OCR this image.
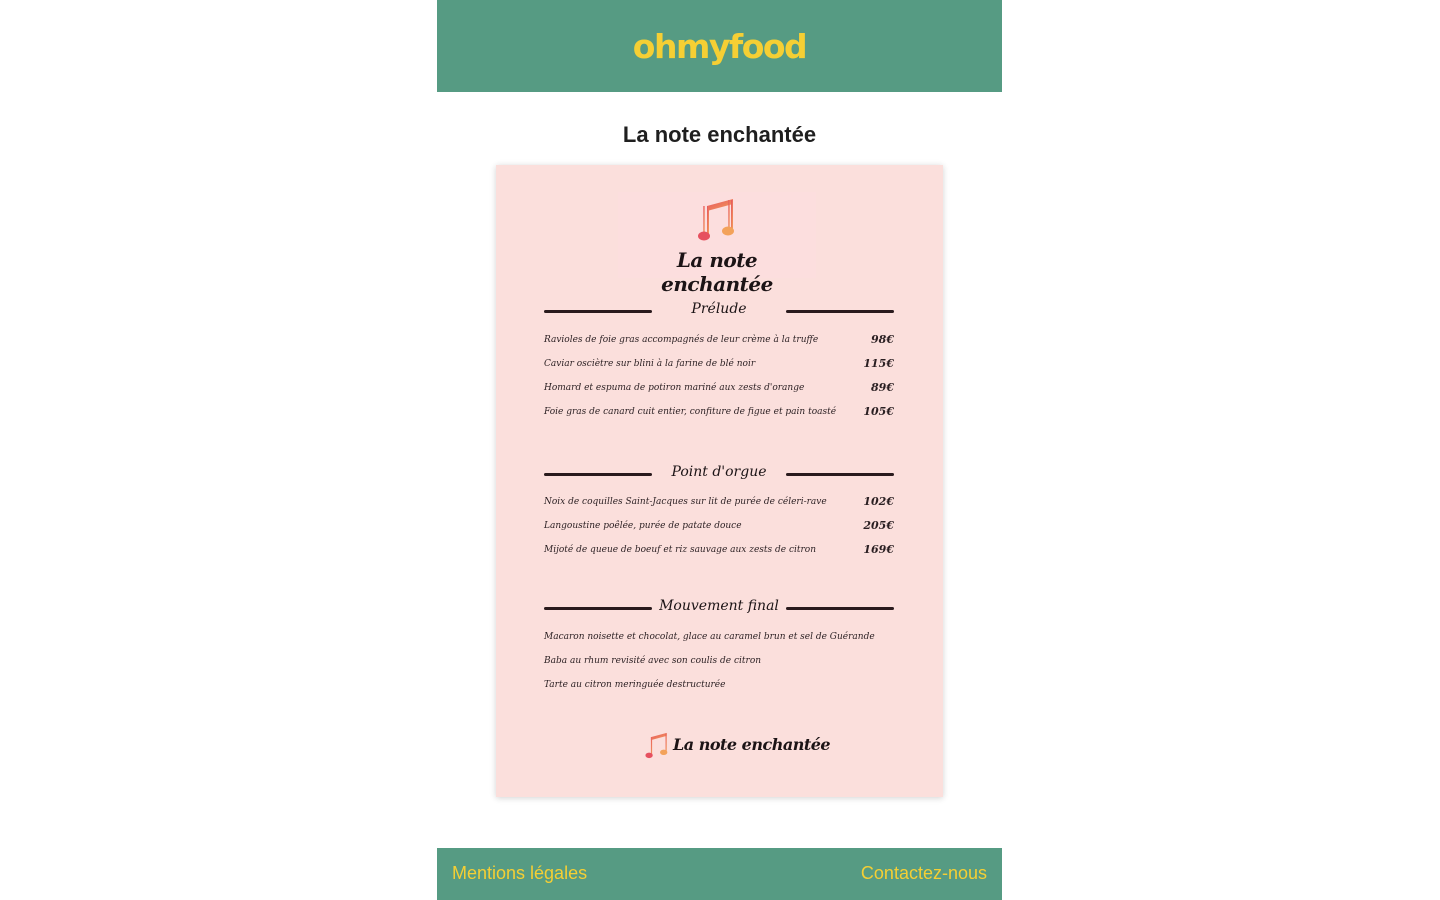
ohmyfood
La note enchantée
La note enchantée
Prélude
Ravioles de foie gras accompagnés de leur crème à la truffe	98€
Caviar osciètre sur blini à la farine de blé noir	115€
Homard et espuma de potiron mariné aux zests d'orange	89€
Foie gras de canard cuit entier, confiture de figue et pain toasté 105€
Point d'orgue
Noix de coquilles Saint-Jacques sur lit de purée de céleri-rave	102€
Langoustine poêlée, purée de patate douce	205€
Mijoté de queue de boeuf et riz sauvage aux zests de citron	169€
Mouvement final
Macaron noisette et chocolat, glace au caramel brun et sel de Guérande
Baba au rhum revisité avec son coulis de citron
Tarte au citron meringuée destructurée
La note enchantée
Mentions légales	Contactez-nous
